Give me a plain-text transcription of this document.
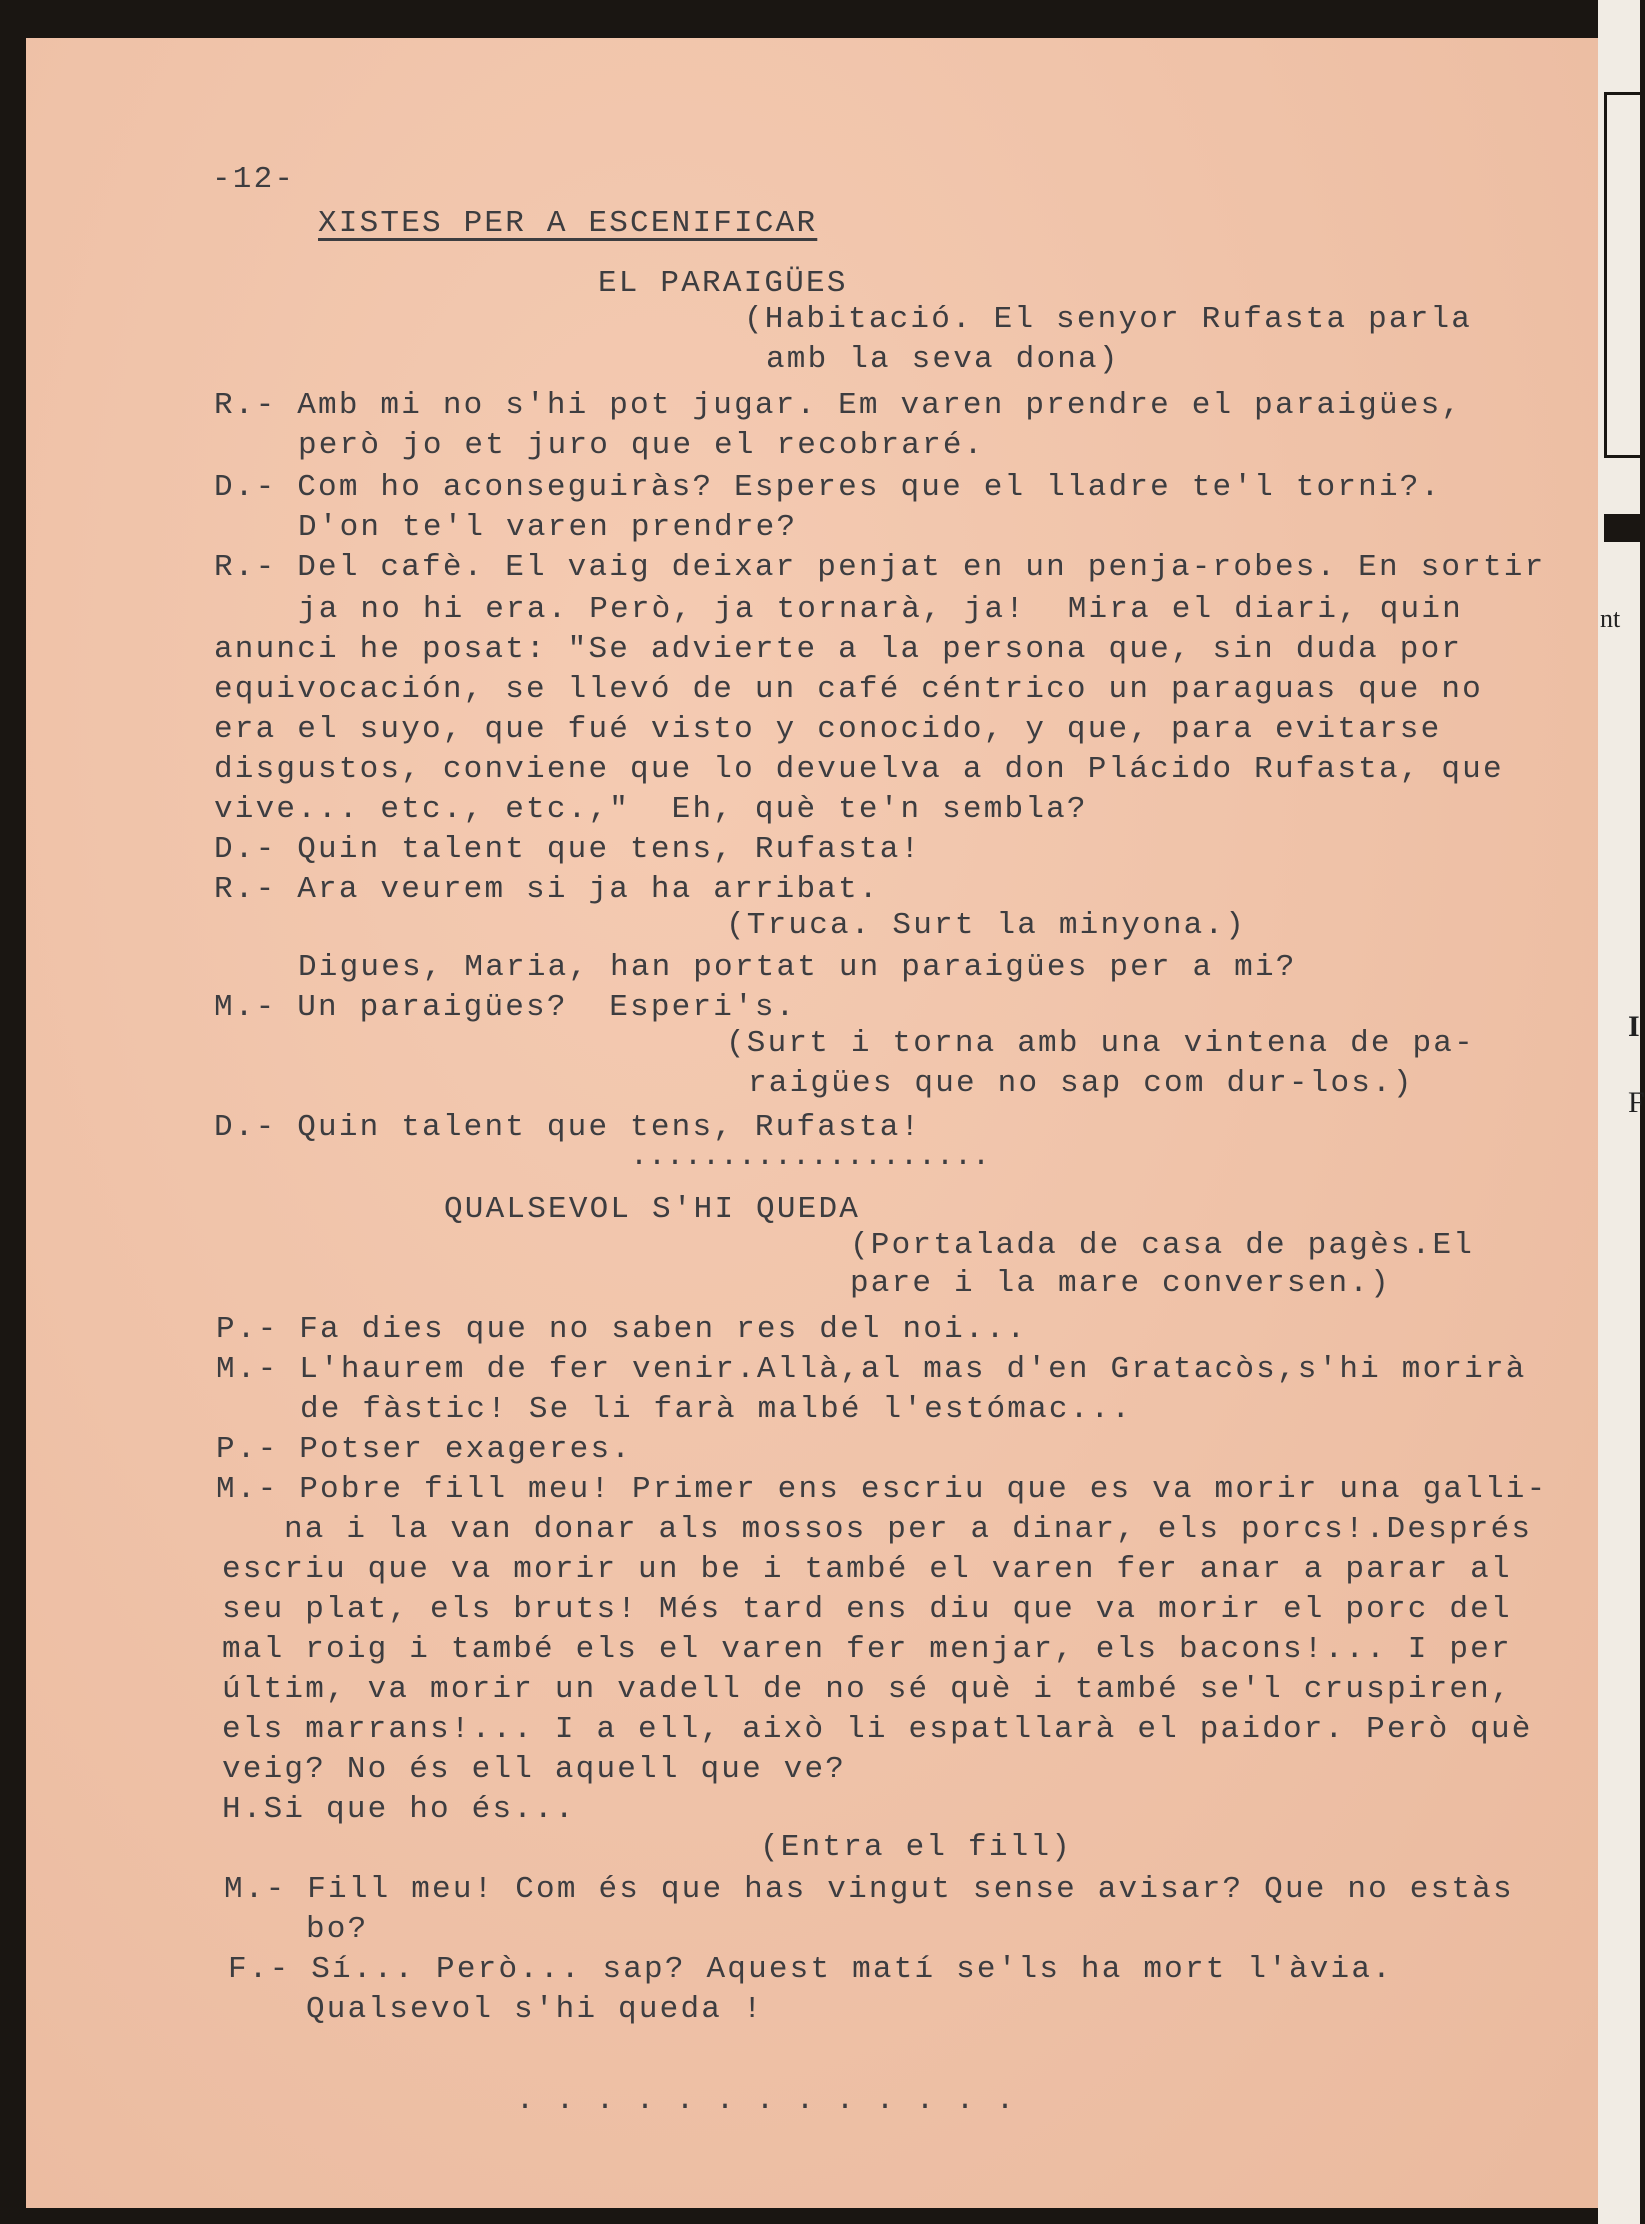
-12-
XISTES PER A ESCENIFICAR
EL PARAIGÜES
(Habitació. El senyor Rufasta parla
amb la seva dona)
R.- Amb mi no s'hi pot jugar. Em varen prendre el paraigües,
però jo et juro que el recobraré.
D.- Com ho aconseguiràs? Esperes que el lladre te'l torni?.
D'on te'l varen prendre?
R.- Del cafè. El vaig deixar penjat en un penja-robes. En sortir
ja no hi era. Però, ja tornarà, ja!  Mira el diari, quin
anunci he posat: "Se advierte a la persona que, sin duda por
equivocación, se llevó de un café céntrico un paraguas que no
era el suyo, que fué visto y conocido, y que, para evitarse
disgustos, conviene que lo devuelva a don Plácido Rufasta, que
vive... etc., etc.,"  Eh, què te'n sembla?
D.- Quin talent que tens, Rufasta!
R.- Ara veurem si ja ha arribat.
(Truca. Surt la minyona.)
Digues, Maria, han portat un paraigües per a mi?
M.- Un paraigües?  Esperi's.
(Surt i torna amb una vintena de pa-
raigües que no sap com dur-los.)
D.- Quin talent que tens, Rufasta!
....................
QUALSEVOL S'HI QUEDA
(Portalada de casa de pagès.El
pare i la mare conversen.)
P.- Fa dies que no saben res del noi...
M.- L'haurem de fer venir.Allà,al mas d'en Gratacòs,s'hi morirà
de fàstic! Se li farà malbé l'estómac...
P.- Potser exageres.
M.- Pobre fill meu! Primer ens escriu que es va morir una galli-
na i la van donar als mossos per a dinar, els porcs!.Després
escriu que va morir un be i també el varen fer anar a parar al
seu plat, els bruts! Més tard ens diu que va morir el porc del
mal roig i també els el varen fer menjar, els bacons!... I per
últim, va morir un vadell de no sé què i també se'l cruspiren,
els marrans!... I a ell, això li espatllarà el paidor. Però què
veig? No és ell aquell que ve?
H.Si que ho és...
(Entra el fill)
M.- Fill meu! Com és que has vingut sense avisar? Que no estàs
bo?
F.- Sí... Però... sap? Aquest matí se'ls ha mort l'àvia.
Qualsevol s'hi queda !
.............
nt
I
F
